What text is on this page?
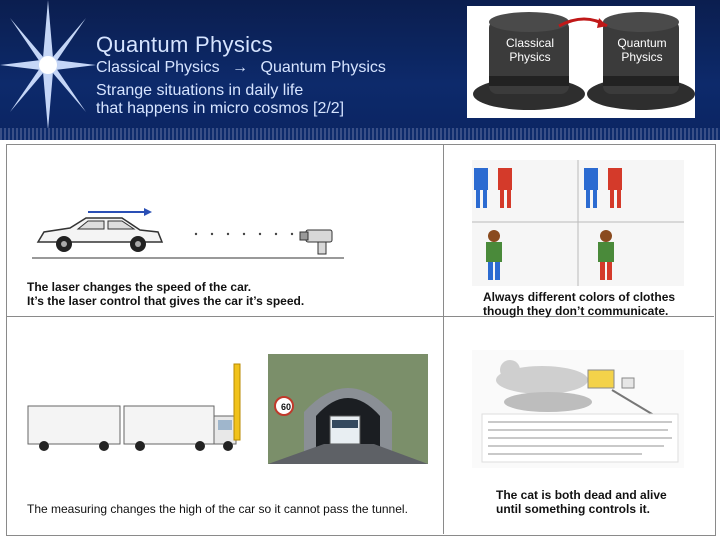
Quantum Physics
Classical Physics → Quantum Physics
Strange situations in daily life
that happens in micro cosmos [2/2]
Classical
Physics
Quantum
Physics
The laser changes the speed of the car.
It’s the laser control that gives the car it’s speed.	Always different colors of clothes
though they don’t communicate.
60
The measuring changes the high of the car so it cannot pass the tunnel.
The cat is both dead and alive
until something controls it.
